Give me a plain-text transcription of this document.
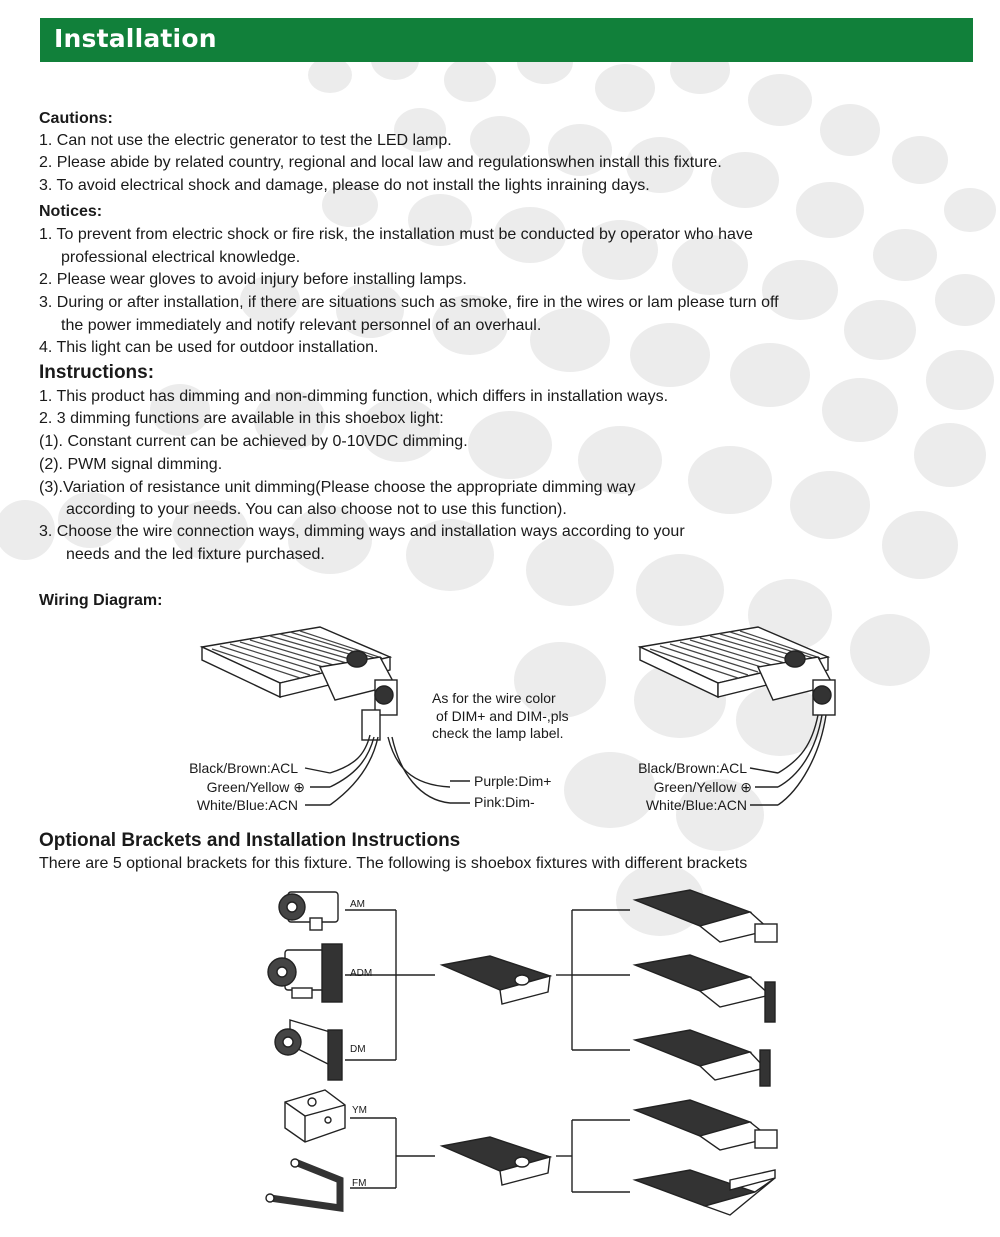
Installation
Cautions:
1. Can not use the electric generator to test the LED lamp.
2. Please abide by related country, regional and local law and regulationswhen install this fixture.
3. To avoid electrical shock and damage, please do not install the lights inraining days.
Notices:
1. To prevent from electric shock or fire risk, the installation must be conducted by operator who have
professional electrical knowledge.
2. Please wear gloves to avoid injury before installing lamps.
3. During or after installation, if there are situations such as smoke, fire in the wires or lam please turn off
the power immediately and notify relevant personnel of an overhaul.
4. This light can be used for outdoor installation.
Instructions:
1. This product has dimming and non-dimming function, which differs in installation ways.
2. 3 dimming functions are available in this shoebox light:
(1). Constant current can be achieved by 0-10VDC dimming.
(2). PWM signal dimming.
(3).Variation of resistance unit dimming(Please choose the appropriate dimming way
according to your needs. You can also choose not to use this function).
3. Choose the wire connection ways, dimming ways and installation ways according to your
needs and the led fixture purchased.
Wiring Diagram:
Black/Brown:ACL
Green/Yellow ⊕
White/Blue:ACN
Purple:Dim+
Pink:Dim-
As for the wire color
of DIM+ and DIM-,pls
check the lamp label.
Black/Brown:ACL
Green/Yellow ⊕
White/Blue:ACN
Optional Brackets and Installation Instructions
There are 5 optional brackets for this fixture. The following is shoebox fixtures with different brackets
AM
ADM
DM
YM
FM
